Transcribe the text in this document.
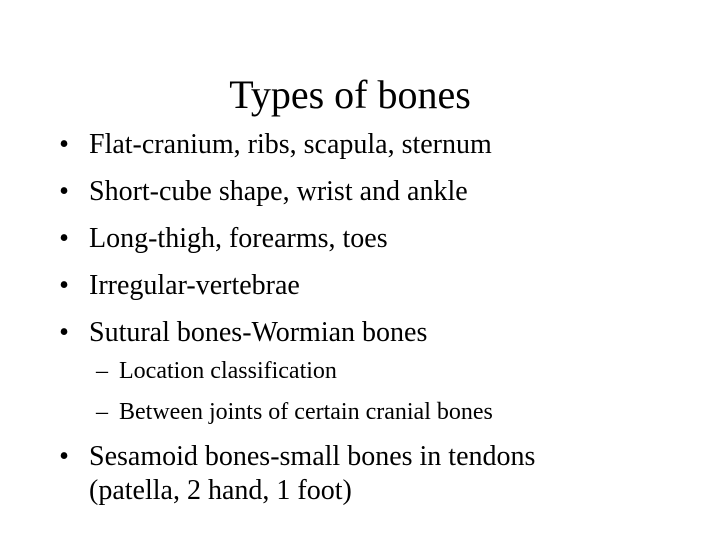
Types of bones
• Flat-cranium, ribs, scapula, sternum
• Short-cube shape, wrist and ankle
• Long-thigh, forearms, toes
• Irregular-vertebrae
• Sutural bones-Wormian bones
– Location classification
– Between joints of certain cranial bones
• Sesamoid bones-small bones in tendons
(patella, 2 hand, 1 foot)
